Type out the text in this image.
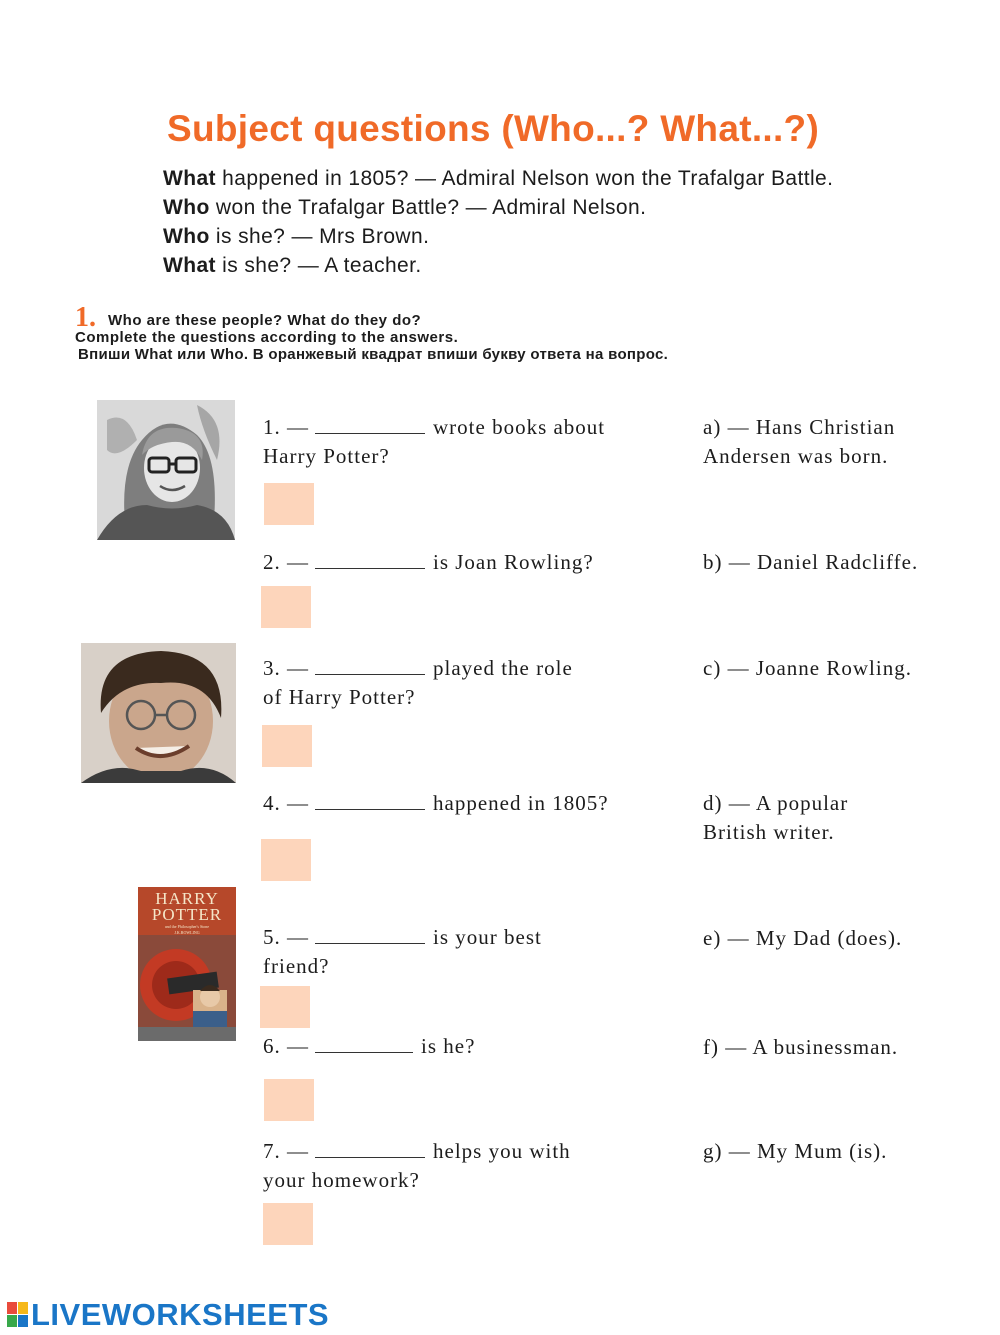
Subject questions (Who...? What...?)
What happened in 1805? — Admiral Nelson won the Trafalgar Battle.
Who won the Trafalgar Battle? — Admiral Nelson.
Who is she? — Mrs Brown.
What is she? — A teacher.
1. Who are these people? What do they do?
Complete the questions according to the answers.
Впиши What или Who. В оранжевый квадрат впиши букву ответа на вопрос.
HARRY
POTTER
and the Philosopher's Stone
J.K.ROWLING
1. —	wrote books about
Harry Potter?
2. —	is Joan Rowling?
3. —	played the role
of Harry Potter?
4. —	happened in 1805?
5. —	is your best
friend?
6. —	is he?
7. —	helps you with
your homework?
a) — Hans Christian
Andersen was born.
b) — Daniel Radcliffe.
c) — Joanne Rowling.
d) — A popular
British writer.
e) — My Dad (does).
f) — A businessman.
g) — My Mum (is).
LIVEWORKSHEETS
